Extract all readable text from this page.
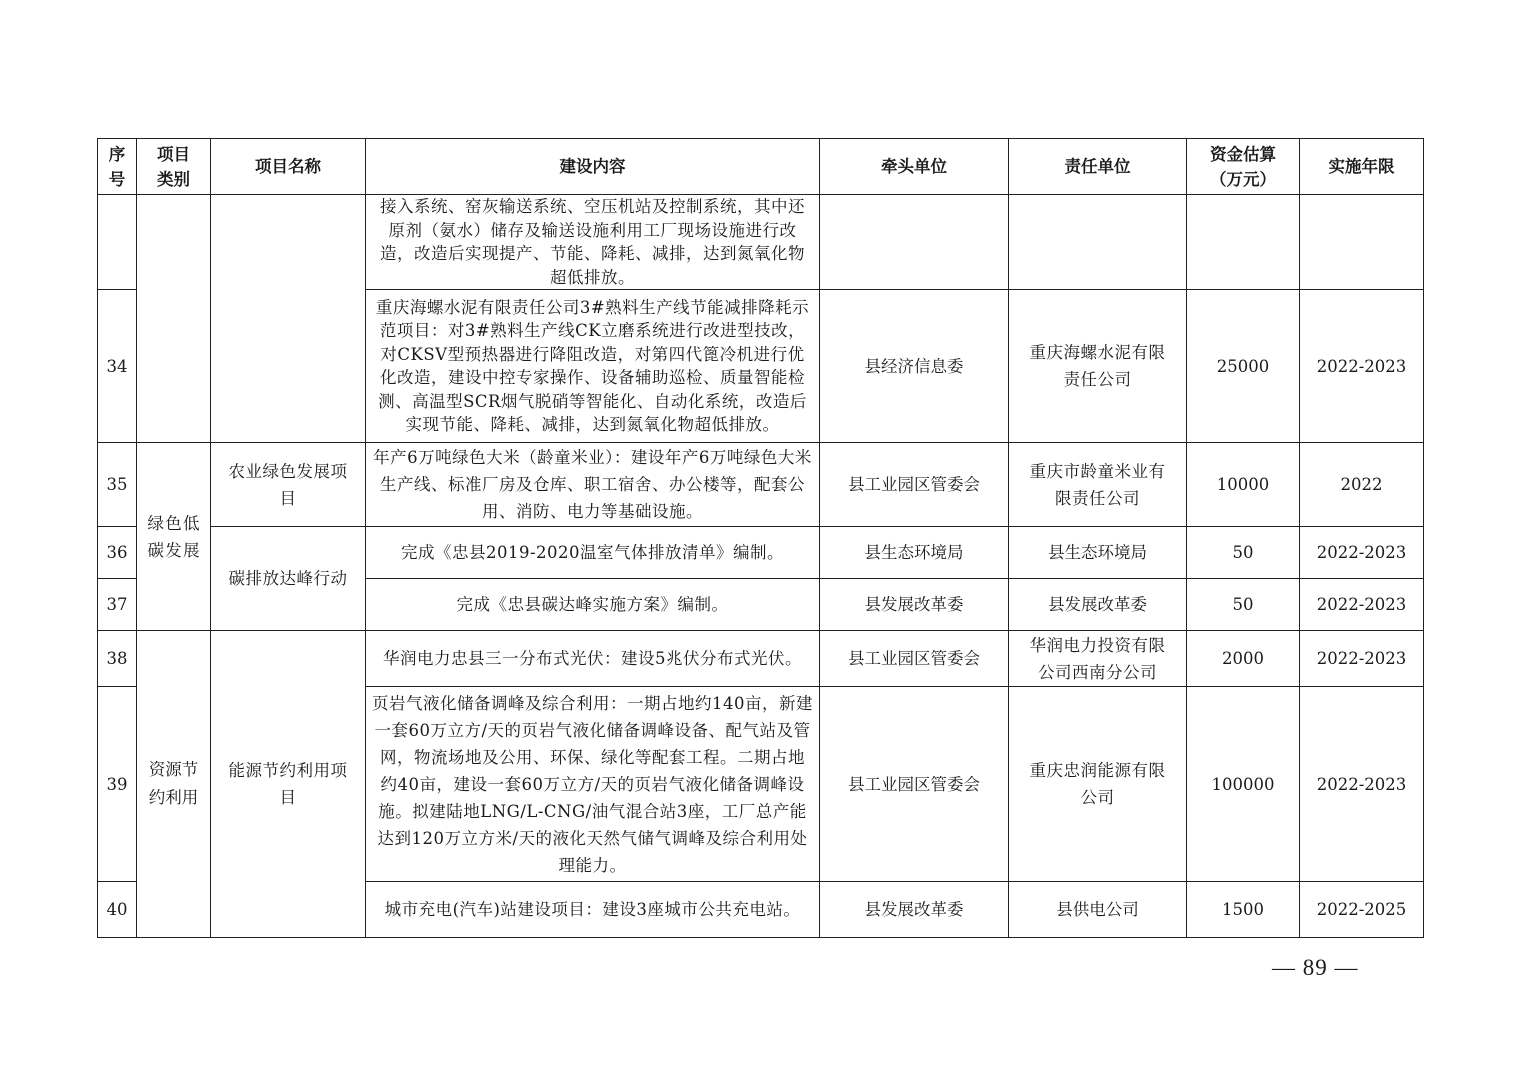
序号	项目类别	项目名称	建设内容	牵头单位	责任单位	资金估算（万元）	实施年限
			接入系统、窑灰输送系统、空压机站及控制系统，其中还原剂（氨水）储存及输送设施利用工厂现场设施进行改造，改造后实现提产、节能、降耗、减排，达到氮氧化物超低排放。				
34			重庆海螺水泥有限责任公司3#熟料生产线节能减排降耗示范项目：对3#熟料生产线CK立磨系统进行改进型技改，对CKSV型预热器进行降阻改造，对第四代篦冷机进行优化改造，建设中控专家操作、设备辅助巡检、质量智能检测、高温型SCR烟气脱硝等智能化、自动化系统，改造后实现节能、降耗、减排，达到氮氧化物超低排放。	县经济信息委	重庆海螺水泥有限责任公司	25000	2022-2023
35	绿色低碳发展	农业绿色发展项目	年产6万吨绿色大米（龄童米业）：建设年产6万吨绿色大米生产线、标准厂房及仓库、职工宿舍、办公楼等，配套公用、消防、电力等基础设施。	县工业园区管委会	重庆市龄童米业有限责任公司	10000	2022
36		碳排放达峰行动	完成《忠县2019-2020温室气体排放清单》编制。	县生态环境局	县生态环境局	50	2022-2023
37			完成《忠县碳达峰实施方案》编制。	县发展改革委	县发展改革委	50	2022-2023
38	资源节约利用	能源节约利用项目	华润电力忠县三一分布式光伏：建设5兆伏分布式光伏。	县工业园区管委会	华润电力投资有限公司西南分公司	2000	2022-2023
39			页岩气液化储备调峰及综合利用：一期占地约140亩，新建一套60万立方/天的页岩气液化储备调峰设备、配气站及管网，物流场地及公用、环保、绿化等配套工程。二期占地约40亩，建设一套60万立方/天的页岩气液化储备调峰设施。拟建陆地LNG/L-CNG/油气混合站3座，工厂总产能达到120万立方米/天的液化天然气储气调峰及综合利用处理能力。	县工业园区管委会	重庆忠润能源有限公司	100000	2022-2023
40			城市充电(汽车)站建设项目：建设3座城市公共充电站。	县发展改革委	县供电公司	1500	2022-2025
— 89 —
